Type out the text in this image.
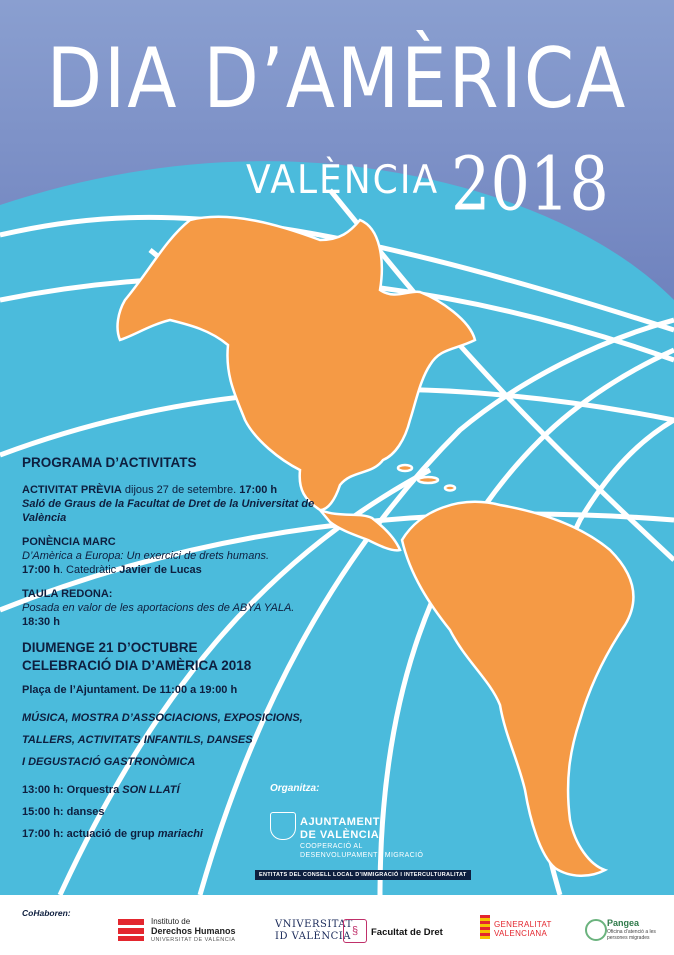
DIA D’AMÈRICA
VALÈNCIA 2018
PROGRAMA D’ACTIVITATS
ACTIVITAT PRÈVIA dijous 27 de setembre. 17:00 h
Saló de Graus de la Facultat de Dret de la Universitat de València
PONÈNCIA MARC
D’Amèrica a Europa: Un exercici de drets humans.
17:00 h. Catedràtic Javier de Lucas
TAULA REDONA:
Posada en valor de les aportacions des de ABYA YALA.
18:30 h
DIUMENGE 21 D’OCTUBRE
CELEBRACIÓ DIA D’AMÈRICA 2018
Plaça de l’Ajuntament. De 11:00 a 19:00 h
MÚSICA, MOSTRA D’ASSOCIACIONS, EXPOSICIONS,
TALLERS, ACTIVITATS INFANTILS, DANSES
I DEGUSTACIÓ GASTRONÒMICA
13:00 h: Orquestra SON LLATÍ
15:00 h: danses
17:00 h: actuació de grup mariachi
Organitza:
AJUNTAMENT
DE VALÈNCIA
COOPERACIÓ AL
DESENVOLUPAMENT I MIGRACIÓ
ENTITATS DEL CONSELL LOCAL D’IMMIGRACIÓ I INTERCULTURALITAT
CoHaboren:
Instituto de
Derechos Humanos
UNIVERSITAT DE VALÈNCIA
VNIVERSITAT
ID VALÈNCIA §	Facultat de Dret
GENERALITAT
VALENCIANA
Pangea
Oficina d’atenció a les
persones migrades
